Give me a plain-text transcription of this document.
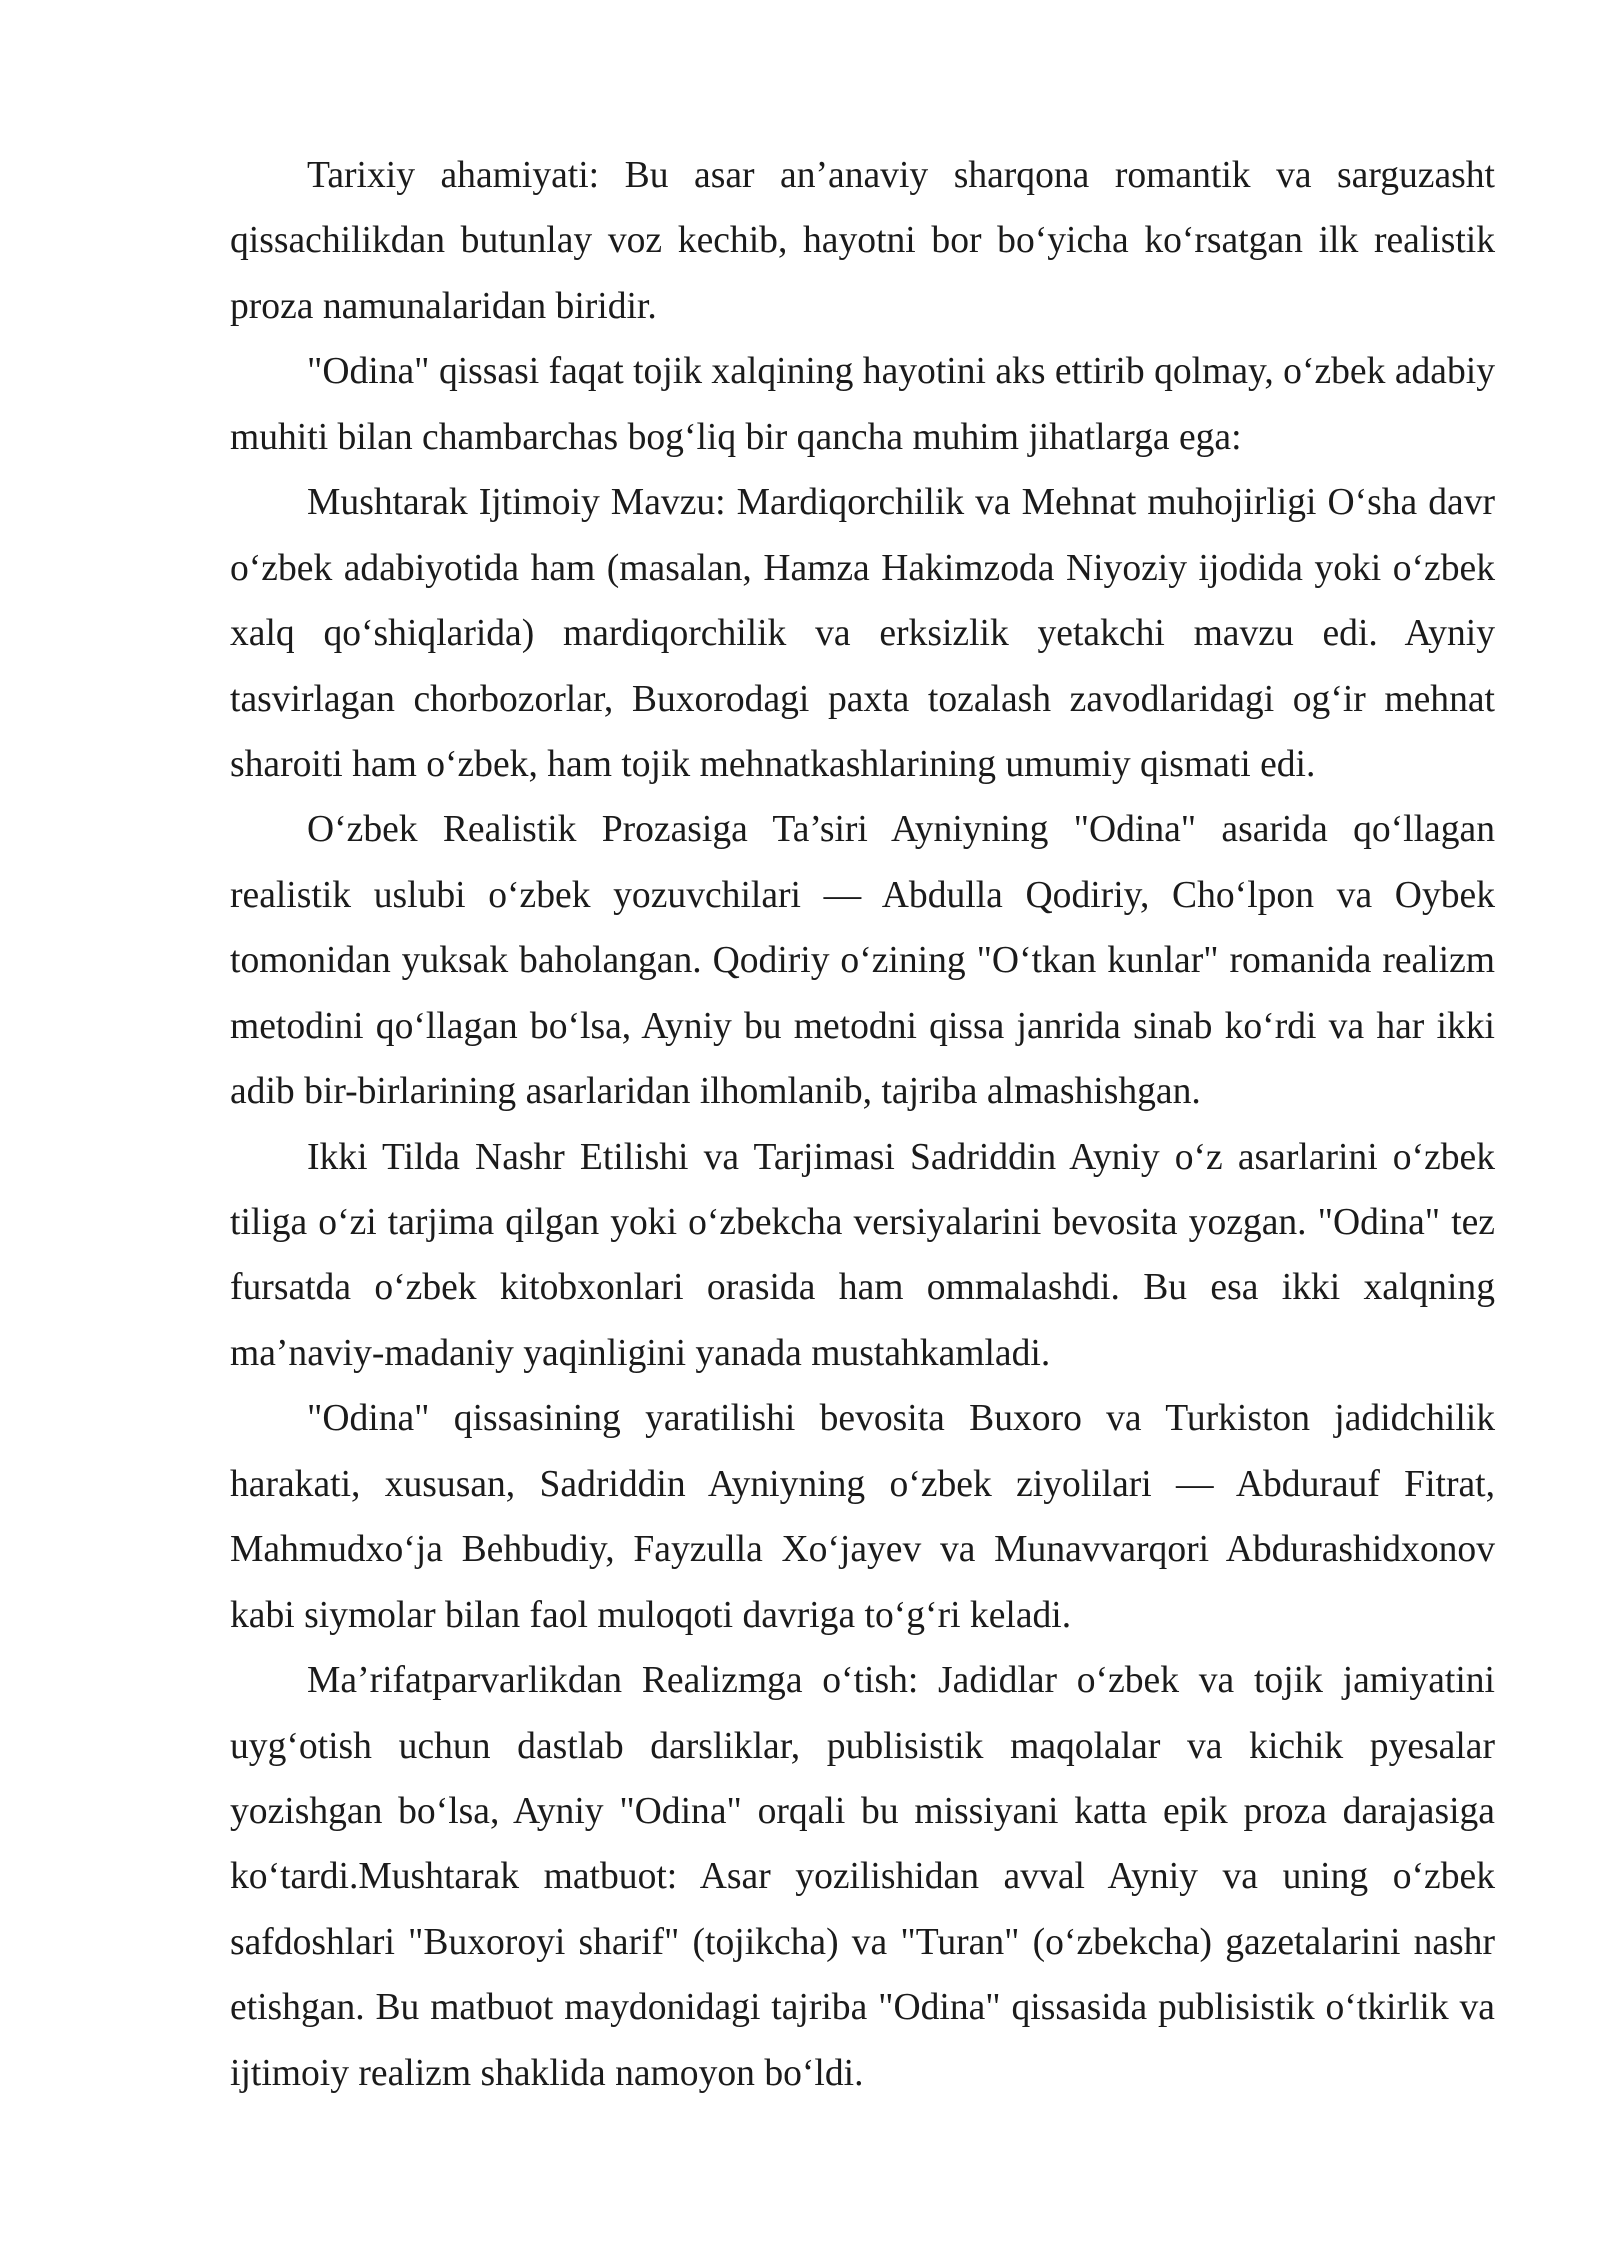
Tarixiy ahamiyati: Bu asar an’anaviy sharqona romantik va sarguzasht
qissachilikdan butunlay voz kechib, hayotni bor bo‘yicha ko‘rsatgan ilk realistik
proza namunalaridan biridir.
"Odina" qissasi faqat tojik xalqining hayotini aks ettirib qolmay, o‘zbek adabiy
muhiti bilan chambarchas bog‘liq bir qancha muhim jihatlarga ega:
Mushtarak Ijtimoiy Mavzu: Mardiqorchilik va Mehnat muhojirligi O‘sha davr
o‘zbek adabiyotida ham (masalan, Hamza Hakimzoda Niyoziy ijodida yoki o‘zbek
xalq qo‘shiqlarida) mardiqorchilik va erksizlik yetakchi mavzu edi. Ayniy
tasvirlagan chorbozorlar, Buxorodagi paxta tozalash zavodlaridagi og‘ir mehnat
sharoiti ham o‘zbek, ham tojik mehnatkashlarining umumiy qismati edi.
O‘zbek Realistik Prozasiga Ta’siri Ayniyning "Odina" asarida qo‘llagan
realistik uslubi o‘zbek yozuvchilari — Abdulla Qodiriy, Cho‘lpon va Oybek
tomonidan yuksak baholangan. Qodiriy o‘zining "O‘tkan kunlar" romanida realizm
metodini qo‘llagan bo‘lsa, Ayniy bu metodni qissa janrida sinab ko‘rdi va har ikki
adib bir-birlarining asarlaridan ilhomlanib, tajriba almashishgan.
Ikki Tilda Nashr Etilishi va Tarjimasi Sadriddin Ayniy o‘z asarlarini o‘zbek
tiliga o‘zi tarjima qilgan yoki o‘zbekcha versiyalarini bevosita yozgan. "Odina" tez
fursatda o‘zbek kitobxonlari orasida ham ommalashdi. Bu esa ikki xalqning
ma’naviy-madaniy yaqinligini yanada mustahkamladi.
"Odina" qissasining yaratilishi bevosita Buxoro va Turkiston jadidchilik
harakati, xususan, Sadriddin Ayniyning o‘zbek ziyolilari — Abdurauf Fitrat,
Mahmudxo‘ja Behbudiy, Fayzulla Xo‘jayev va Munavvarqori Abdurashidxonov
kabi siymolar bilan faol muloqoti davriga to‘g‘ri keladi.
Ma’rifatparvarlikdan Realizmga o‘tish: Jadidlar o‘zbek va tojik jamiyatini
uyg‘otish uchun dastlab darsliklar, publisistik maqolalar va kichik pyesalar
yozishgan bo‘lsa, Ayniy "Odina" orqali bu missiyani katta epik proza darajasiga
ko‘tardi.Mushtarak matbuot: Asar yozilishidan avval Ayniy va uning o‘zbek
safdoshlari "Buxoroyi sharif" (tojikcha) va "Turan" (o‘zbekcha) gazetalarini nashr
etishgan. Bu matbuot maydonidagi tajriba "Odina" qissasida publisistik o‘tkirlik va
ijtimoiy realizm shaklida namoyon bo‘ldi.
